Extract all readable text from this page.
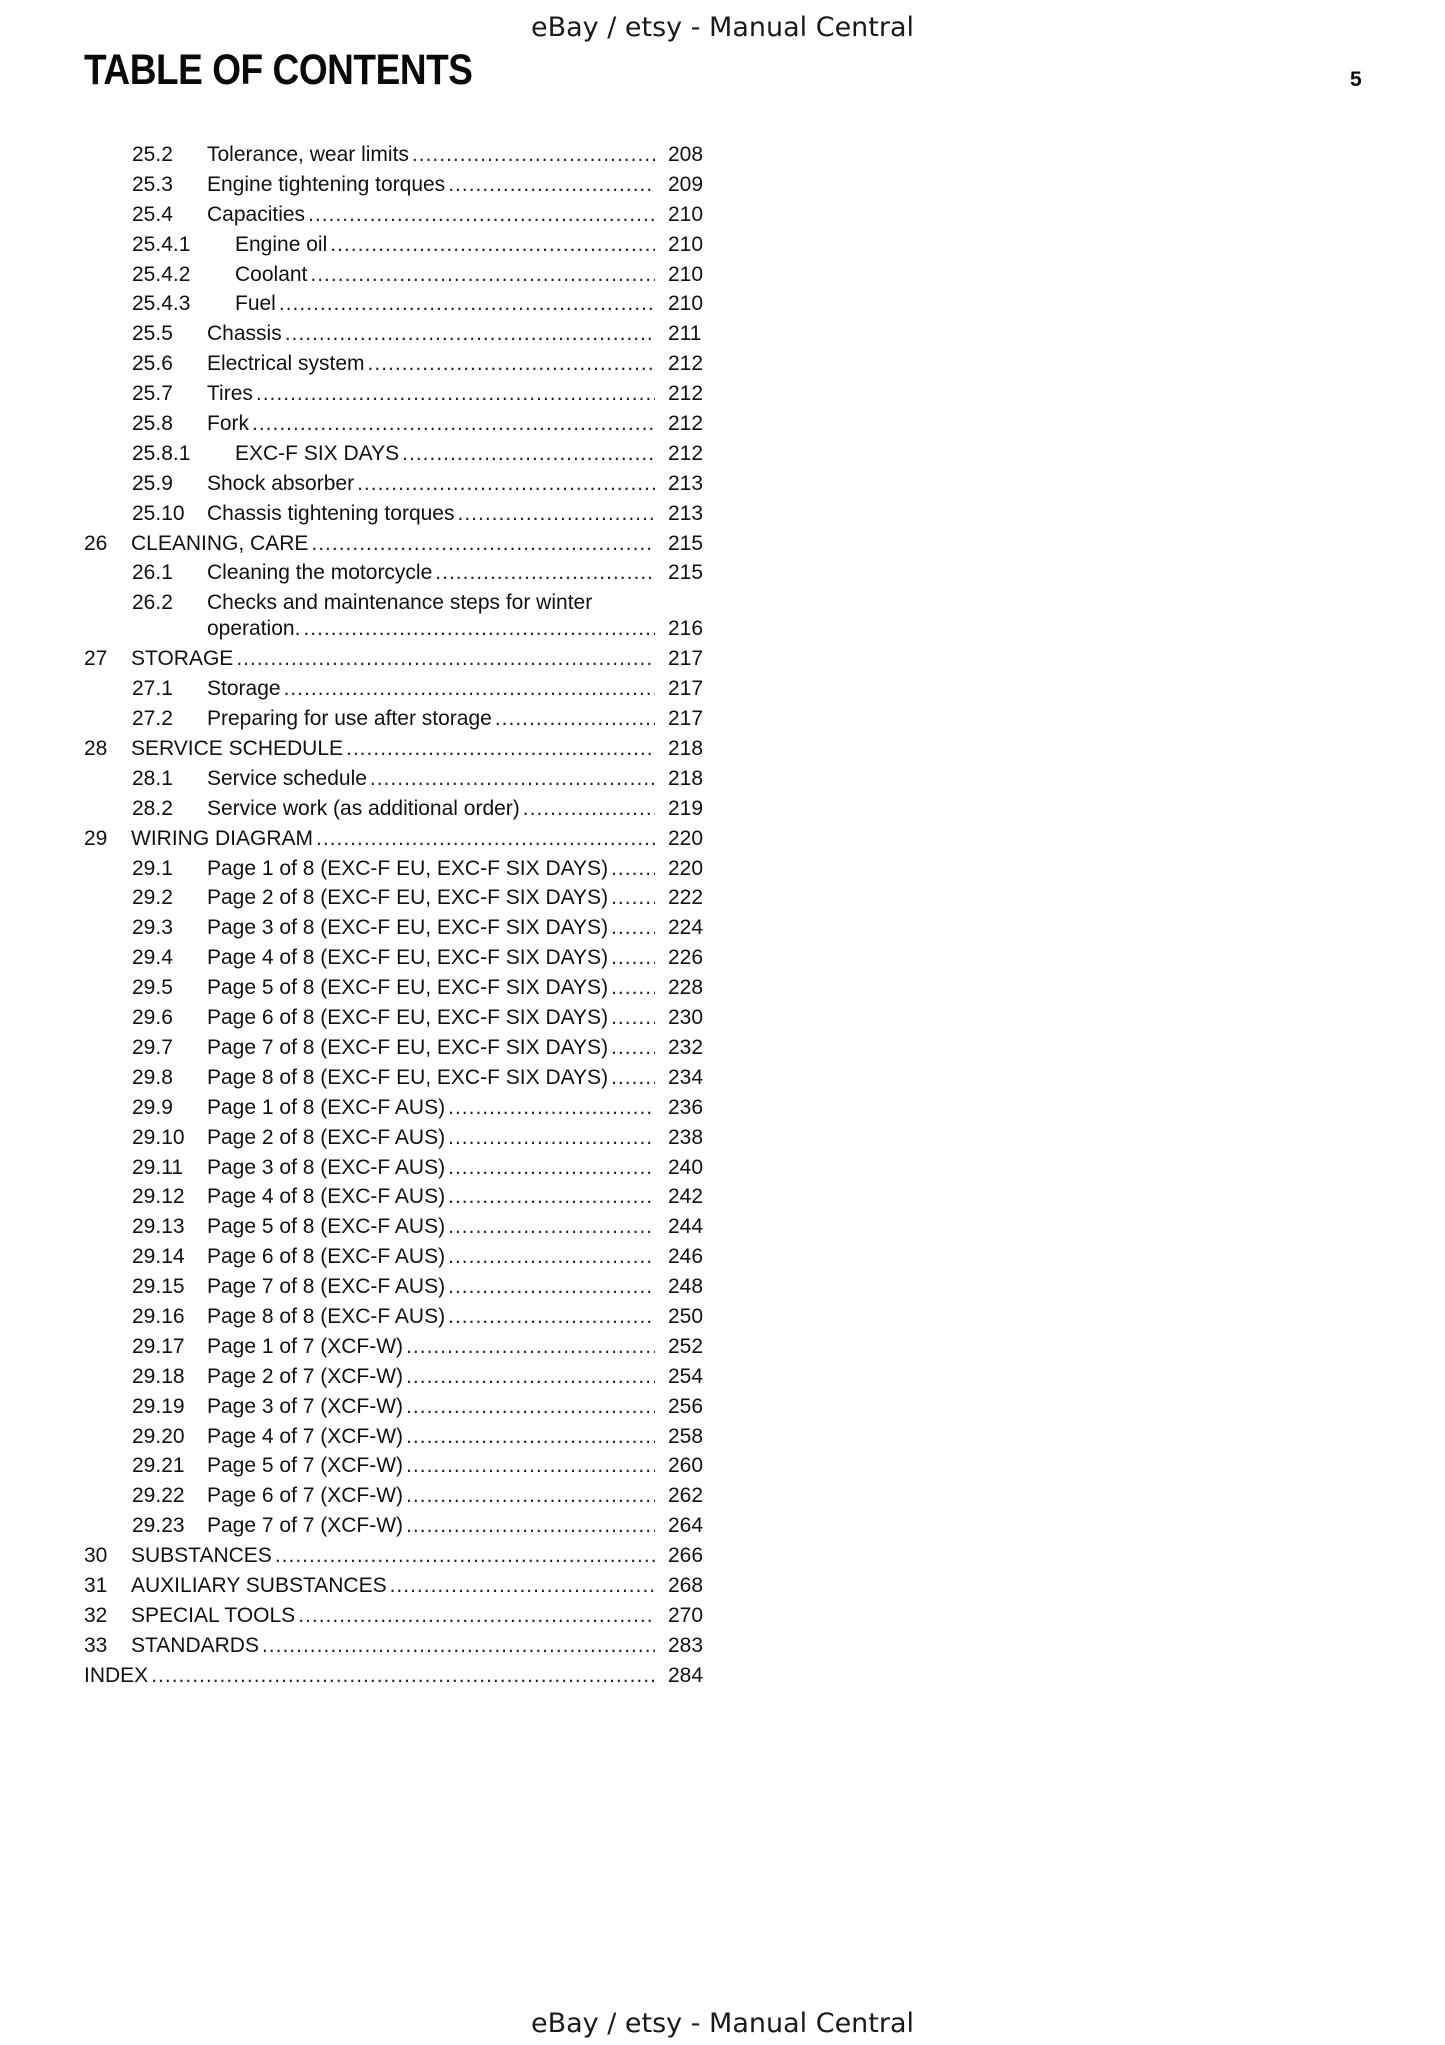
eBay / etsy - Manual Central
TABLE OF CONTENTS	5
25.2 Tolerance, wear limits .....	208
25.3 Engine tightening torques .....	209
25.4 Capacities .....	210
25.4.1 Engine oil .....	210
25.4.2 Coolant .....	210
25.4.3 Fuel .....	210
25.5 Chassis .....	211
25.6 Electrical system .....	212
25.7 Tires .....	212
25.8 Fork .....	212
25.8.1 EXC-F SIX DAYS .....	212
25.9 Shock absorber .....	213
25.10 Chassis tightening torques .....	213
26 CLEANING, CARE .....	215
26.1 Cleaning the motorcycle .....	215
26.2 Checks and maintenance steps for winter
operation. .....	216
27 STORAGE .....	217
27.1 Storage .....	217
27.2 Preparing for use after storage .....	217
28 SERVICE SCHEDULE .....	218
28.1 Service schedule .....	218
28.2 Service work (as additional order) .....	219
29 WIRING DIAGRAM .....	220
29.1 Page 1 of 8 (EXC-F EU, EXC-F SIX DAYS) .....	220
29.2 Page 2 of 8 (EXC-F EU, EXC-F SIX DAYS) .....	222
29.3 Page 3 of 8 (EXC-F EU, EXC-F SIX DAYS) .....	224
29.4 Page 4 of 8 (EXC-F EU, EXC-F SIX DAYS) .....	226
29.5 Page 5 of 8 (EXC-F EU, EXC-F SIX DAYS) .....	228
29.6 Page 6 of 8 (EXC-F EU, EXC-F SIX DAYS) .....	230
29.7 Page 7 of 8 (EXC-F EU, EXC-F SIX DAYS) .....	232
29.8 Page 8 of 8 (EXC-F EU, EXC-F SIX DAYS) .....	234
29.9 Page 1 of 8 (EXC-F AUS) .....	236
29.10 Page 2 of 8 (EXC-F AUS) .....	238
29.11 Page 3 of 8 (EXC-F AUS) .....	240
29.12 Page 4 of 8 (EXC-F AUS) .....	242
29.13 Page 5 of 8 (EXC-F AUS) .....	244
29.14 Page 6 of 8 (EXC-F AUS) .....	246
29.15 Page 7 of 8 (EXC-F AUS) .....	248
29.16 Page 8 of 8 (EXC-F AUS) .....	250
29.17 Page 1 of 7 (XCF-W) .....	252
29.18 Page 2 of 7 (XCF-W) .....	254
29.19 Page 3 of 7 (XCF-W) .....	256
29.20 Page 4 of 7 (XCF-W) .....	258
29.21 Page 5 of 7 (XCF-W) .....	260
29.22 Page 6 of 7 (XCF-W) .....	262
29.23 Page 7 of 7 (XCF-W) .....	264
30 SUBSTANCES .....	266
31 AUXILIARY SUBSTANCES .....	268
32 SPECIAL TOOLS .....	270
33 STANDARDS .....	283
INDEX .....	284
eBay / etsy - Manual Central
